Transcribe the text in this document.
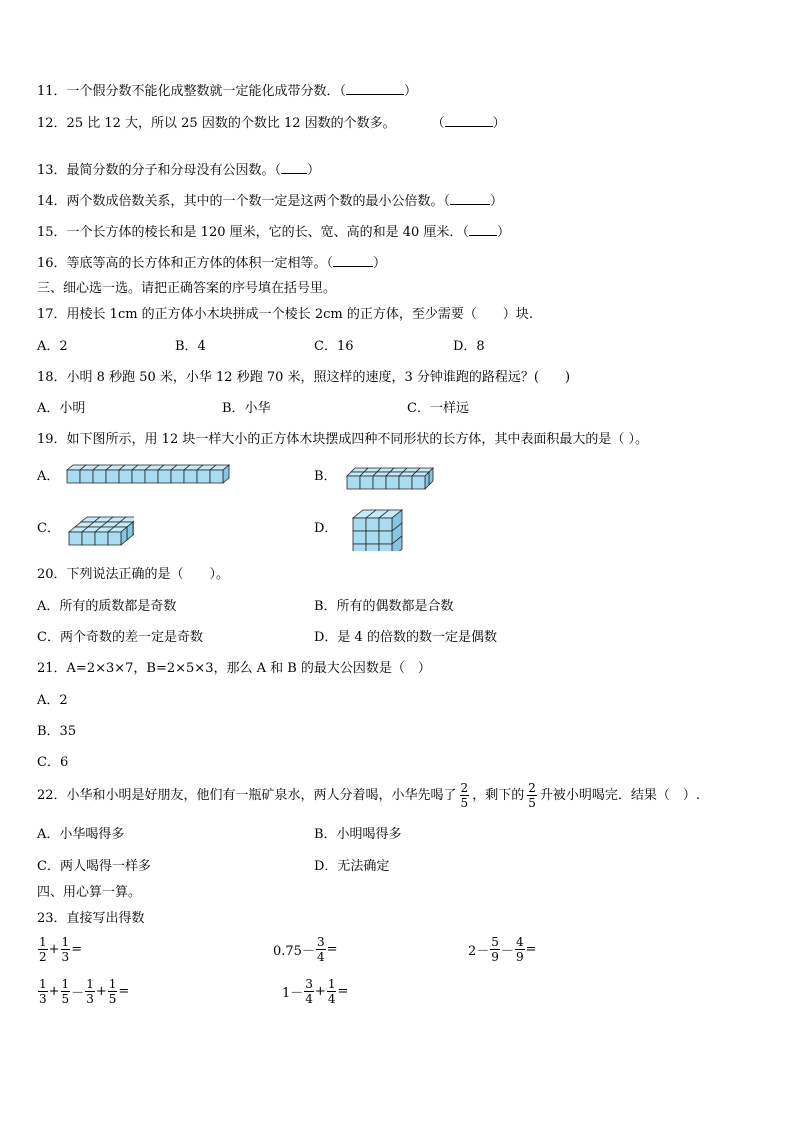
11．一个假分数不能化成整数就一定能化成带分数．（	）
12．25 比 12 大，所以 25 因数的个数比 12 因数的个数多。	（	）
13．最简分数的分子和分母没有公因数。（ ）
14．两个数成倍数关系，其中的一个数一定是这两个数的最小公倍数。（	）
15．一个长方体的棱长和是 120 厘米，它的长、宽、高的和是 40 厘米．（ ）
16．等底等高的长方体和正方体的体积一定相等。（	）
三、细心选一选。请把正确答案的序号填在括号里。
17．用棱长 1cm 的正方体小木块拼成一个棱长 2cm 的正方体，至少需要（　　）块.
A．2	B．4	C．16	D．8
18．小明 8 秒跑 50 米，小华 12 秒跑 70 米，照这样的速度，3 分钟谁跑的路程远？(　　)
A．小明	B．小华	C．一样远
19．如下图所示，用 12 块一样大小的正方体木块摆成四种不同形状的长方体，其中表面积最大的是（ ）。
A．	B．
C．	D．
20．下列说法正确的是（　　）。
A．所有的质数都是奇数	B．所有的偶数都是合数
C．两个奇数的差一定是奇数	D．是 4 的倍数的数一定是偶数
21．A=2×3×7，B=2×5×3，那么 A 和 B 的最大公因数是（　）
A．2
B．35
C．6
22．小华和小明是好朋友，他们有一瓶矿泉水，两人分着喝，小华先喝了 $\frac{2}{5}$ ，剩下的 $\frac{2}{5}$ 升被小明喝完．结果（　）.
A．小华喝得多	B．小明喝得多
C．两人喝得一样多	D．无法确定
四、用心算一算。
23．直接写出得数
$\frac{1}{2} + \frac{1}{3}$ =	$0.75- \frac{3}{4}$ =	$2- \frac{5}{9} - \frac{4}{9}$ =
$\frac{1}{3} + \frac{1}{5} - \frac{1}{3} + \frac{1}{5}$ =	$1- \frac{3}{4} + \frac{1}{4}$ =
